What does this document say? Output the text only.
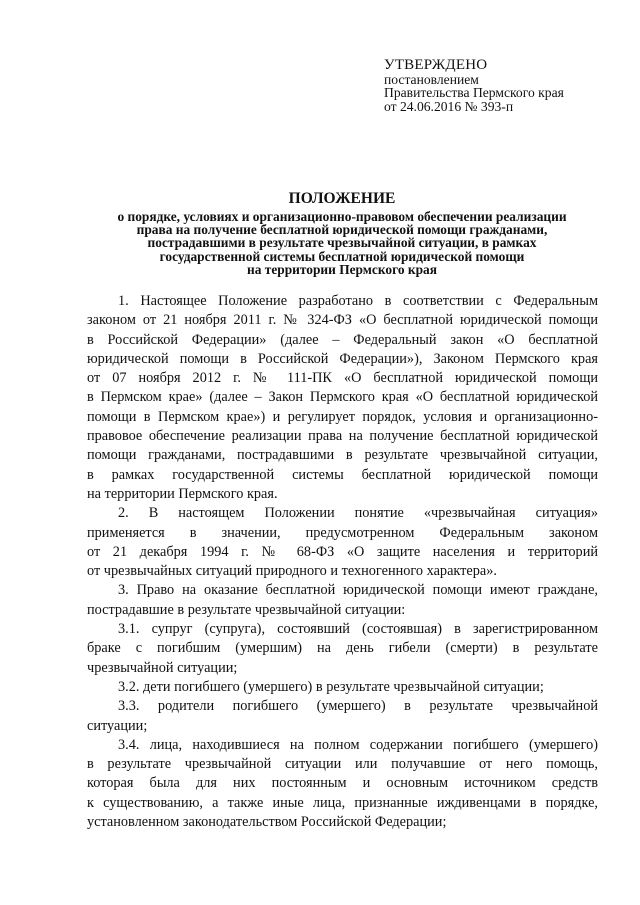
УТВЕРЖДЕНО
постановлением
Правительства Пермского края
от 24.06.2016 № 393-п
ПОЛОЖЕНИЕ
о порядке, условиях и организационно-правовом обеспечении реализации
права на получение бесплатной юридической помощи гражданами,
пострадавшими в результате чрезвычайной ситуации, в рамках
государственной системы бесплатной юридической помощи
на территории Пермского края
1. Настоящее Положение разработано в соответствии с Федеральным
законом от 21 ноября 2011 г. № 324-ФЗ «О бесплатной юридической помощи
в Российской Федерации» (далее – Федеральный закон «О бесплатной
юридической помощи в Российской Федерации»), Законом Пермского края
от 07 ноября 2012 г. № 111-ПК «О бесплатной юридической помощи
в Пермском крае» (далее – Закон Пермского края «О бесплатной юридической
помощи в Пермском крае») и регулирует порядок, условия и организационно-
правовое обеспечение реализации права на получение бесплатной юридической
помощи гражданами, пострадавшими в результате чрезвычайной ситуации,
в рамках государственной системы бесплатной юридической помощи
на территории Пермского края.
2. В настоящем Положении понятие «чрезвычайная ситуация»
применяется в значении, предусмотренном Федеральным законом
от 21 декабря 1994 г. № 68-ФЗ «О защите населения и территорий
от чрезвычайных ситуаций природного и техногенного характера».
3. Право на оказание бесплатной юридической помощи имеют граждане,
пострадавшие в результате чрезвычайной ситуации:
3.1. супруг (супруга), состоявший (состоявшая) в зарегистрированном
браке с погибшим (умершим) на день гибели (смерти) в результате
чрезвычайной ситуации;
3.2. дети погибшего (умершего) в результате чрезвычайной ситуации;
3.3. родители погибшего (умершего) в результате чрезвычайной
ситуации;
3.4. лица, находившиеся на полном содержании погибшего (умершего)
в результате чрезвычайной ситуации или получавшие от него помощь,
которая была для них постоянным и основным источником средств
к существованию, а также иные лица, признанные иждивенцами в порядке,
установленном законодательством Российской Федерации;
